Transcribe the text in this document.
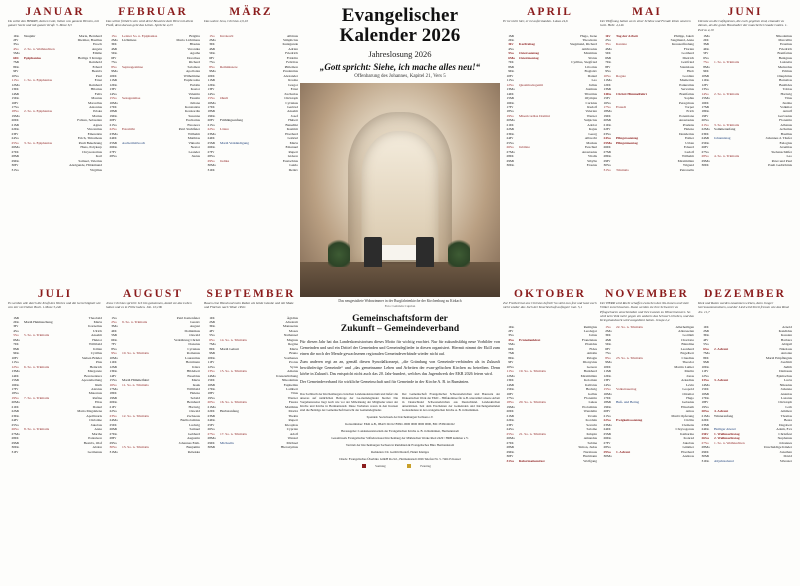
JANUAR
Du sollst den HERRN, deinen Gott, lieben von ganzem Herzen, mit ganzer Seele und mit ganzer Kraft. 5. Mose 6,5
1	Do	Neujahr	Maria, Bernhard
2	Fr		Dietmar, Basilius
3	Sa		Enoch
4	So	2. So. n. Weihnachten	Angela
5	Mo		Emilie
6	Di	Epiphanias	Heilige 3 Könige
7	Mi		Reinhold
8	Do		Erhard
9	Fr		Beatrix
10	Sa		Paul
11	So	1. So. n. Epiphanias	Ernst
12	Mo		Reinhard
13	Di		Hilarius
14	Mi		Felix
15	Do		Maurus
16	Fr		Marcellus
17	Sa		Antonius
18	So	2. So. n. Epiphanias	Priska
19	Mo		Marius
20	Di		Fabian, Sebastian
21	Mi		Agnes
22	Do		Vincentius
23	Fr		Emerentia
24	Sa		Erich, Timotheus
25	So	3. So. n. Epiphanias	Pauli Bekehrung
26	Mo		Hans, Polykarp
27	Di		Chrysostomus
28	Mi		Karl
29	Do		Samuel, Valerius
30	Fr		Adelgunde, Hildemund
31	Sa		Virgilius
FEBRUAR
Das selbst fröhlich sein wird dein! Bewahre dein Herz mit allem Fleiß, denn daraus geht das Leben. Sprüche 4,23
1	So	Letzter So. n. Epiphanias	Brigitta
2	Mo	Lichtmess	Maria Lichtmess
3	Di		Blasius
4	Mi		Veronika
5	Do		Agatha
6	Fr		Dorothea
7	Sa		Richard
8	So	Septuagesimae	Salomon
9	Mo		Apollonia
10	Di		Wilhelmine
11	Mi		Euphrosina
12	Do		Eulalia
13	Fr		Kastor
14	Sa		Valentin
15	So	Sexagesimae	Faustin
16	Mo		Juliana
17	Di		Konstantia
18	Mi		Konkordia
19	Do		Susanna
20	Fr		Eucharius
21	Sa		Eleonora
22	So	Estomihi	Petri Stuhlfeier
23	Mo		Wilhelm
24	Di		Matthias
25	Mi	Aschermittwoch	Viktorin
26	Do		Nestor
27	Fr		Leander
28	Sa		Justus
MÄRZ
Das wahre Jesu, Christus 2,9,10
1	So	Invokavit	Albinus
2	Mo		Simplicius
3	Di		Kunigunde
4	Mi		Adrian
5	Do		Friedrich
6	Fr		Fridolin
7	Sa		Felicitas
8	So	Reminiszere	Philemon
9	Mo		Prudentius
10	Di		Alexander
11	Mi		Rosina
12	Do		Gregor
13	Fr		Ernst
14	Sa		Zacharias
15	So	Okuli	Christoph
16	Mo		Cyriakus
17	Di		Gertrud
18	Mi		Anselm
19	Do		Josef
20	Fr	Frühlingsanfang	Hubert
21	Sa		Benedikt
22	So	Lätare	Kasimir
23	Mo		Eberhard
24	Di		Gabriel
25	Mi	Mariä Verkündigung	Maria
26	Do		Emanuel
27	Fr		Rupert
28	Sa		Gideon
29	So	Judika	Eustachius
30	Mo		Guido
31	Di		Detlev
APRIL
Er ist nicht hier, er ist auferstanden. Lukas 24,6
1	Mi		Hugo, Irene
2	Do		Theodosia
3	Fr	Karfreitag	Siegmund, Richard
4	Sa		Ambrosius
5	So	Ostersonntag	Maximus
6	Mo	Ostermontag	Sixtus
7	Di		Cyrillus, Siegfried
8	Mi		Liborius
9	Do		Bogislav
10	Fr		Daniel
11	Sa		Leo
12	So	Quasimodogeniti	Julius
13	Mo		Justinus
14	Di		Tiburtius
15	Mi		Olympia
16	Do		Carisius
17	Fr		Rudolf
18	Sa		Valerian
19	So	Misericordias Domini	Werner
20	Mo		Sulpicius
21	Di		Adolar
22	Mi		Kajus
23	Do		Georg
24	Fr		Albrecht
25	Sa		Markus
26	So	Jubilate	Ezechiel
27	Mo		Anastasius
28	Di		Vitalis
29	Mi		Sibylle
30	Do		Erastus
MAI
Der Hoffnung halten an in einer Schöne und Freude leben unseren Gott. Hebr. 4,14b
1	Fr	Tag der Arbeit	Philipp, Jakob
2	Sa		Siegmund, Anna
3	So	Kantate	Kreuzerfindung
4	Mo		Florian
5	Di		Gotthard
6	Mi		Dietrich
7	Do		Gottfried
8	Fr		Stanislaus
9	Sa		Hiob
10	So	Rogate	Gordian
11	Mo		Mamertus
12	Di		Pankratius
13	Mi		Servatius
14	Do	Christi Himmelfahrt	Bonifatius
15	Fr		Sophia
16	Sa		Peregrinus
17	So	Exaudi	Torpet
18	Mo		Erich
19	Di		Potentiana
20	Mi		Anastasius
21	Do		Prudens
22	Fr		Helena
23	Sa		Desiderius
24	So	Pfingstsonntag	Esther
25	Mo	Pfingstmontag	Urban
26	Di		Eduard
27	Mi		Ludolf
28	Do		Wilhelm
29	Fr		Maximilian
30	Sa		Wigand
31	So	Trinitatis	Petronella
JUNI
Dienste an die Gefägnisses, die euch gegeben sind, einander zu dienen, als die guten Haushalter der mancherlei Gnade Gottes. 1. Petrus 4,10
1	Mo		Nikodemus
2	Di		Marcellin
3	Mi		Erasmus
4	Do		Friedrich
5	Fr		Bonifatius
6	Sa		Benignus
7	So	1. So. n. Trinitatis	Lukretia
8	Mo		Medardus
9	Di		Primus
10	Mi		Onuphrius
11	Do		Barnabas
12	Fr		Basilides
13	Sa		Tobias
14	So	2. So. n. Trinitatis	Hartwig
15	Mo		Vitus
16	Di		Justina
17	Mi		Volkmar
18	Do		Arnulf
19	Fr		Gervasius
20	Sa		Florentin
21	So	3. So. n. Trinitatis	Albanus
22	Mo	Sommeranfang	Achatius
23	Di		Basilius
24	Mi	Johannistag	Johannes d. Täufer
25	Do		Eulogius
26	Fr		Jeremias
27	Sa		Siebenschläfer
28	So	4. So. n. Trinitatis	Leo
29	Mo		Peter und Paul
30	Di		Pauli Gedächtnis
JULI
Es werden alle durch die Kraft des Wortes und die Gerechtigkeit wie von mir vertrieben Buch. 1.Mose 5,24b
1	Mi		Theobald
2	Do	Mariä Heimsuchung	Maria
3	Fr		Kornelius
4	Sa		Ulrich
5	So	5. So. n. Trinitatis	Anselm
6	Mo		Hektor
7	Di		Willibald
8	Mi		Kilian
9	Do		Cyrillus
10	Fr		Sieben Brüder
11	Sa		Pius
12	So	6. So. n. Trinitatis	Heinrich
13	Mo		Margarete
14	Di		Bonaventura
15	Mi		Apostelteilung
16	Do		Ruth
17	Fr		Alexius
18	Sa		Maternus
19	So	7. So. n. Trinitatis	Rufina
20	Mo		Elias
21	Di		Daniel
22	Mi		Maria Magdalena
23	Do		Apollinaris
24	Fr		Christine
25	Sa		Jakobus
26	So	8. So. n. Trinitatis	Anna
27	Mo		Martha
28	Di		Pantaleon
29	Mi		Beatrix, Olaf
30	Do		Abdon
31	Fr		Germanus
AUGUST
Jesus Christus spricht: Ich bin gekommen, damit sie das Leben haben und es in Fülle haben. Joh. 10,10b
1	Sa		Petri Kettenfeier
2	So	9. So. n. Trinitatis	Gustav
3	Mo		August
4	Di		Dominikus
5	Mi		Oswald
6	Do		Verklärung Christi
7	Fr		Donatus
8	Sa		Cyriakus
9	So	10. So. n. Trinitatis	Romanus
10	Mo		Laurentius
11	Di		Herrmann
12	Mi		Klara
13	Do		Hildebert
14	Fr		Eusebius
15	Sa	Mariä Himmelfahrt	Maria
16	So	11. So. n. Trinitatis	Isaak
17	Mo		Willibald
18	Di		Helena
19	Mi		Sebald
20	Do		Bernhard
21	Fr		Hartwig
22	Sa		Oswald
23	So	12. So. n. Trinitatis	Zachaeus
24	Mo		Bartholomäus
25	Di		Ludwig
26	Mi		Samuel
27	Do		Gebhard
28	Fr		Augustin
29	Sa		Johannes Enth.
30	So	13. So. n. Trinitatis	Benjamin
31	Mo		Rebekka
SEPTEMBER
Bauen eine Hand und mein Reden als beide Glaube und mit Make und Flächen nach Wind. 1Petr.
1	Di		Ägidius
2	Mi		Absalom
3	Do		Mansuetus
4	Fr		Moses
5	Sa		Nathanael
6	So	14. So. n. Trinitatis	Magnus
7	Mo		Regina
8	Di	Mariä Geburt	Maria
9	Mi		Bruno
10	Do		Sosthenes
11	Fr		Protus
12	Sa		Syrus
13	So	15. So. n. Trinitatis	Amatus
14	Mo		Kreuzerhöhung
15	Di		Nikodemus
16	Mi		Euphemia
17	Do		Lambert
18	Fr		Titus
19	Sa		Werner
20	So	16. So. n. Trinitatis	Fausta
21	Mo		Matthäus
22	Di	Herbstanfang	Moritz
23	Mi		Thekla
24	Do		Rupert
25	Fr		Kleophas
26	Sa		Cyprian
27	So	17. So. n. Trinitatis	Adolf
28	Mo		Wenzel
29	Di	Michaelis	Michael
30	Mi		Hieronymus
OKTOBER
Zur Freiheit hat uns Christus befreit! So steht nun fest und lasst euch nicht wieder das Joch der Knechtschaft auflegen! Gal. 5,1
1	Do		Remigius
2	Fr		Leodegar
3	Sa		Jairus
4	So	Erntedankfest	Franziskus
5	Mo		Plazidus
6	Di		Fides
7	Mi		Amalia
8	Do		Pelagia
9	Fr		Dionysius
10	Sa		Gereon
11	So	19. So. n. Trinitatis	Burkhard
12	Mo		Maximilian
13	Di		Koloman
14	Mi		Kalixtus
15	Do		Hedwig
16	Fr		Gallus
17	Sa		Florentin
18	So	20. So. n. Trinitatis	Lukas
19	Mo		Ptolomäus
20	Di		Wendelin
21	Mi		Ursula
22	Do		Kordula
23	Fr		Severin
24	Sa		Salome
25	So	21. So. n. Trinitatis	Krispin
26	Mo		Amandus
27	Di		Sabina
28	Mi		Simon, Judas
29	Do		Narzissus
30	Fr		Hartmann
31	Sa	Reformationsfest	Wolfgang
NOVEMBER
Der HERR wird Recht schaffen zwischen den Na-tionen und viele Völker zurechtweisen. Dann werden sie ihre Schwerter zu Pflugscharen umschmieden und ihre Lanzen zu Winzermessern. So wird kein Volk mehr gegen ein anderes das Schwert erheben, und das Kriegshandwerk wird ausgedient haben. Jesaja 2,4
1	So	22. So. n. Trinitatis	Allerheiligen
2	Mo		Allerseelen
3	Di		Gottlieb
4	Mi		Charlotte
5	Do		Blandina
6	Fr		Leonhard
7	Sa		Engelbert
8	So	23. So. n. Trinitatis	Claudius
9	Mo		Theodor
10	Di		Martin Luther
11	Mi		Martin
12	Do		Jonas
13	Fr		Arkadius
14	Sa		Levin
15	So	Volkstrauertag	Leopold
16	Mo		Ottomar
17	Di		Hugo
18	Mi	Buß- und Bettag	Gelasius
19	Do		Elisabeth
20	Fr		Amos
21	Sa		Mariä Opferung
22	So	Ewigkeitssonntag	Cäcilia
23	Mo		Clemens
24	Di		Chrysogonus
25	Mi		Katharina
26	Do		Konrad
27	Fr		Jakobus
28	Sa		Günther
29	So	1. Advent	Eberhard
30	Mo		Andreas
DEZEMBER
Kiek und Raten werden zusammen wirken, denn Junger herrzusammensitzen, und der Lied wird Streit fressen wie das Rind. Jes. 11,7
1	Di		Arnold
2	Mi		Kandidus
3	Do		Kassian
4	Fr		Barbara
5	Sa		Abigail
6	So	2. Advent	Nikolaus
7	Mo		Antonie
8	Di		Mariä Empfängnis
9	Mi		Joachim
10	Do		Judith
11	Fr		Damasus
12	Sa		Epimachus
13	So	3. Advent	Lucia
14	Mo		Nikasius
15	Di		Johanna
16	Mi		Ananias
17	Do		Lazarus
18	Fr		Christoph
19	Sa		Loth
20	So	4. Advent	Ammon
21	Mo	Winteranfang	Thomas
22	Di		Beata
23	Mi		Dagobert
24	Do	Heiliger Abend	Adam, Eva
25	Fr	1. Weihnachtstag	Christfest
26	Sa	2. Weihnachtstag	Stephanus
27	So	1. So. n. Weihnachten	Johannes
28	Mo		Unschuldige Kinder
29	Di		Jonathan
30	Mi		David
31	Do	Altjahrsabend	Silvester
Evangelischer
Kalender 2026
Jahreslosung 2026
„Gott spricht: Siehe, ich mache alles neu!“
Offenbarung des Johannes, Kapitel 21, Vers 5
Das neugestaltete Wohnzimmer in der Burgfahrtenkirche der Kirchenburg zu Kirkach
Foto: Gabriela Cuprian
Gemeinschaftsform der
Zukunft – Gemeindeverband

Für diesen Jahr hat das Landeskonsistorium dieses Motto für wichtig erachtet. Nur für zukunftsfähig neue Vorbilder von Gemeinden und und ein Drittel der Gemeinden und Gemeindeglieder in diesen organisiert. Hiermit nimmt der Ekill zum einen die noch der Mende gewachsenen regionalen Gemeindeverbände wieder nicht auf.

Zum anderen regt an an, gemäß diesen Synodalkonzept, „die Gründung von Gemeinde-verbänden als in Zukunft bewährfertige Gemeinde“ und „das gemeinsame Leben und Arbeiten der evan-gelischen Kirchen zu betreiben. Denn körbe in Zukunft. Das entspricht nicht auch das 20. Jahr-hundert, welches das Jugendwerk der EKR 2026 feiern wird.

Der Gemeindeverband für wirkliche Gemeinschaft und für Gemeinde in der Kirche A. B. in Rumänien.

Das Sachbuch der Kirchenburgen zwischen Landeskonsistorium und liefert die unseres auf natürlichen Beitrage der Ge-meindeglieder hierbei Die Vorgehensweise liegt nach wie vor der Mitwirkung der Mitglieder unter der Kirche und Kirche in Hermannstadt. Diese Vorhaben waren in den Kreisen sind die Beiträge der Gemeinschaft herrscht der Gemeindeglieder.
Der Gemeinschaft Evangelischer Schwesterkirchen und Bauwerk der Diakonischen Werk der EKD – Hilfskomitee für A.B. unterstützt unsere Arbeit in Deutschland Schwesterkirchen aus Deutschland. Landeskirchen unterstützen. Seit dem Erscheinen der Gemeinden und Kirchengemeinden Gottesdienste in der evangelischen Kirche A. B. in Rumänien.
Spenden: Sozialwerk der Kirchenburgen Sachsen e.V.
Kontoinhaber: EKR A.B., IBAN: RO12 BTRL 0000 0000 0000 0000, BIC: BTRLRO22
Herausgeber: Landeskonsistorium der Evangelischen Kirche A. B. in Rumänien, Hermannstadt
Gesamtwerk Evangelischer Stiftsdrucksaal Kirchenburg der Märkischen Werke Ried 2429 / HRB nummer e V.
Vertrieb der Kirchenburgen Sachsen in Rumänien & Evangelisches Büro Hermannstadt
Redaktion: Dr. Gerhild Rudolf, Hanni Königes
Druck: Evangelisches Überbüro GmbH Ro.Srl., Hermannstadt 2026 Telefon Nr. 5. 746125 Kassel
Sonntag	Feiertag
